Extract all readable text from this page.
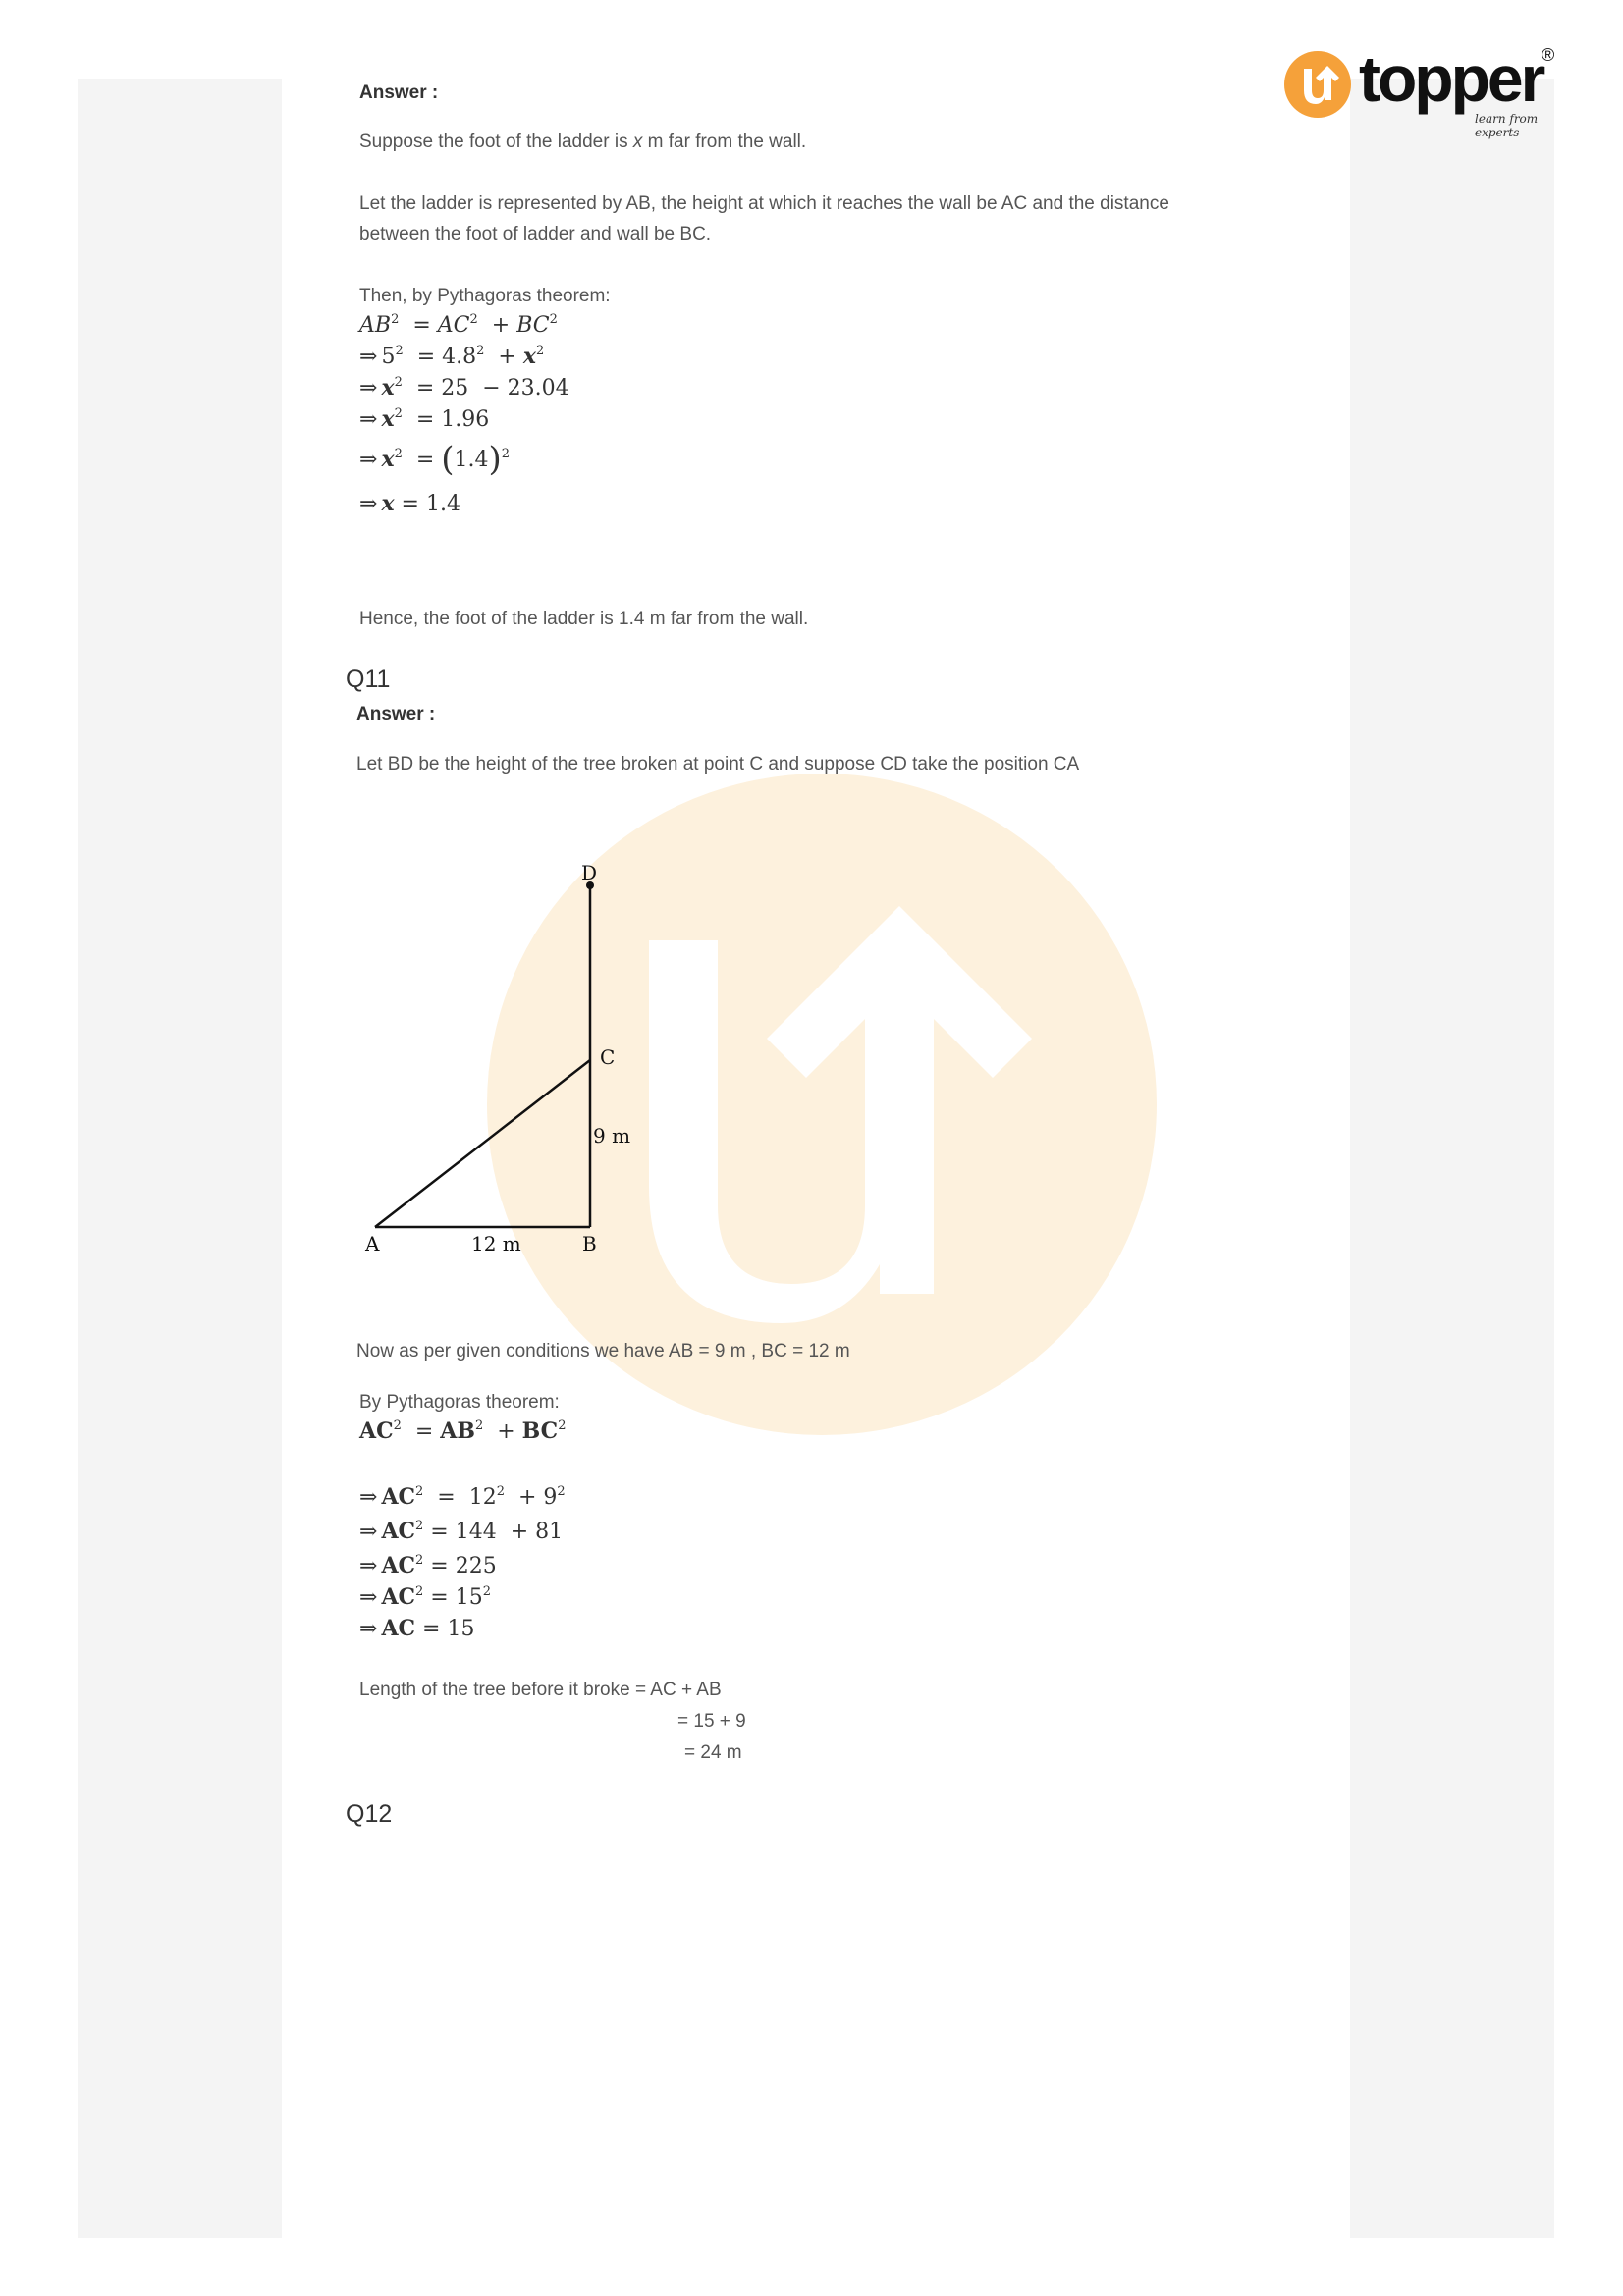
topper
®
learn from experts
Answer :
Suppose the foot of the ladder is x m far from the wall.
Let the ladder is represented by AB, the height at which it reaches the wall be AC and the distance
between the foot of ladder and wall be BC.
Then, by Pythagoras theorem:
$AB^2 = AC^2 + BC^2$
⇒ $5^2 = 4.8^2 + x^2$
⇒ $x^2 = 25 - 23.04$
⇒ $x^2 = 1.96$
⇒ $x^2 = (1.4)^2$
⇒ x = 1.4
Hence, the foot of the ladder is 1.4 m far from the wall.
Q11
Answer :
Let BD be the height of the tree broken at point C and suppose CD take the position CA
D
C
9 m
A	12 m	B
Now as per given conditions we have AB = 9 m , BC = 12 m
By Pythagoras theorem:
$AC^2 = AB^2 + BC^2$
⇒ $AC^2 = 12^2 + 9^2$
⇒ $AC^2 = 144 + 81$
⇒ $AC^2 = 225$
⇒ $AC^2 = 15^2$
⇒ AC = 15
Length of the tree before it broke = AC + AB
= 15 + 9
= 24 m
Q12
